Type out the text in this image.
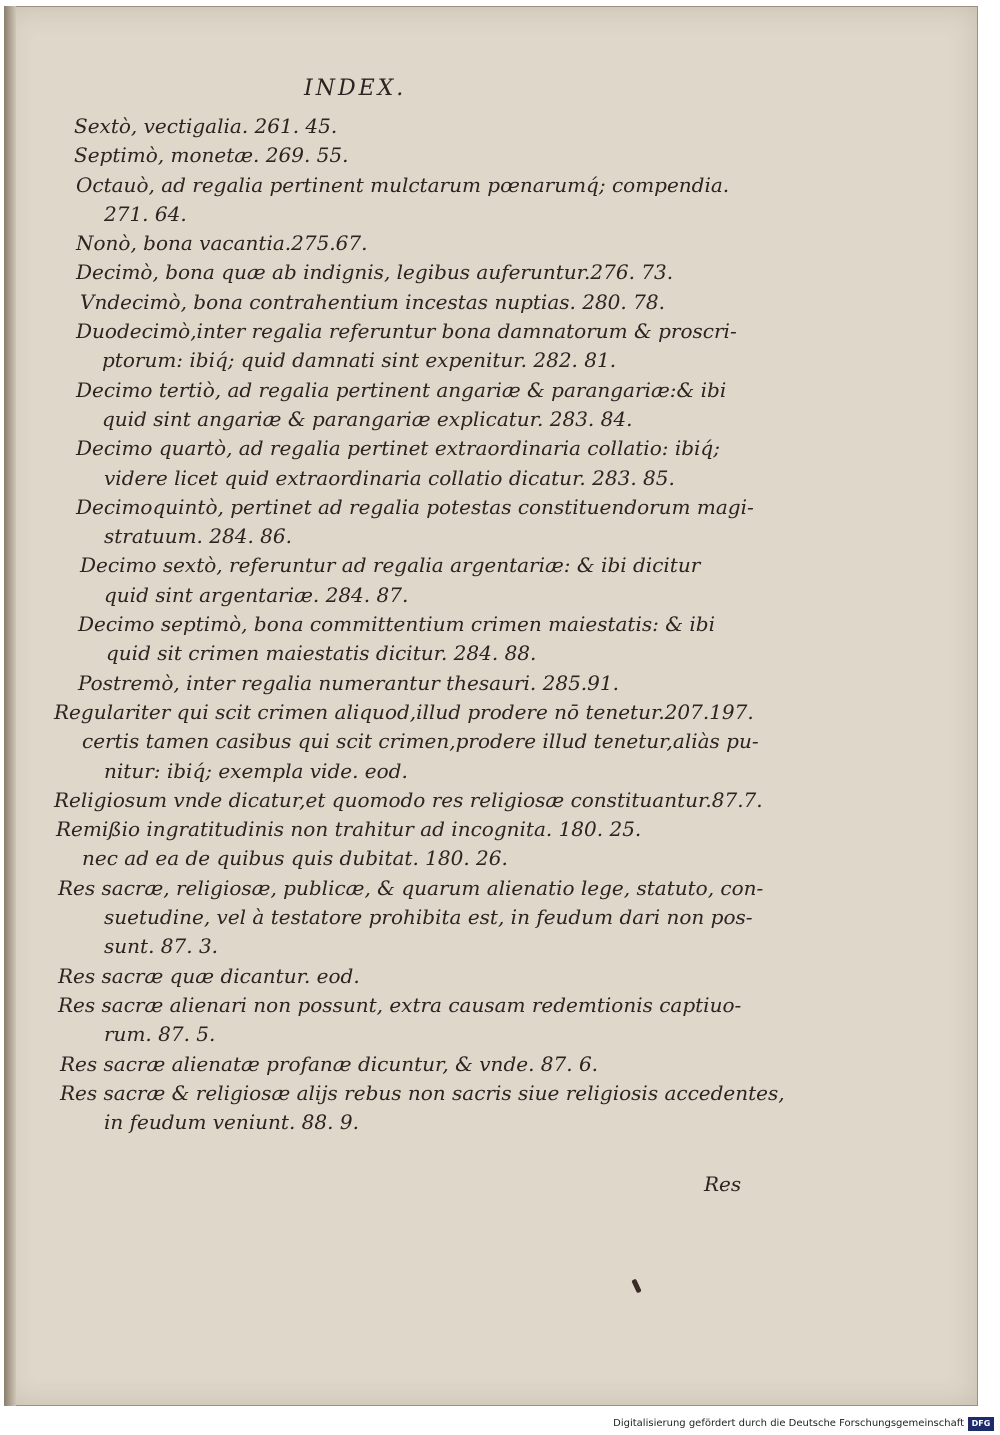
INDEX.
Sextò, vectigalia. 261. 45.
Septimò, monetæ. 269. 55.
Octauò, ad regalia pertinent mulctarum pœnarumq́; compendia.
271. 64.
Nonò, bona vacantia.275.67.
Decimò, bona quæ ab indignis, legibus auferuntur.276. 73.
Vndecimò, bona contrahentium incestas nuptias. 280. 78.
Duodecimò,inter regalia referuntur bona damnatorum & proscri-
ptorum: ibiq́; quid damnati sint expenitur. 282. 81.
Decimo tertiò, ad regalia pertinent angariæ & parangariæ:& ibi
quid sint angariæ & parangariæ explicatur. 283. 84.
Decimo quartò, ad regalia pertinet extraordinaria collatio: ibiq́;
videre licet quid extraordinaria collatio dicatur. 283. 85.
Decimoquintò, pertinet ad regalia potestas constituendorum magi-
stratuum. 284. 86.
Decimo sextò, referuntur ad regalia argentariæ: & ibi dicitur
quid sint argentariæ. 284. 87.
Decimo septimò, bona committentium crimen maiestatis: & ibi
quid sit crimen maiestatis dicitur. 284. 88.
Postremò, inter regalia numerantur thesauri. 285.91.
Regulariter qui scit crimen aliquod,illud prodere nō tenetur.207.197.
certis tamen casibus qui scit crimen,prodere illud tenetur,aliàs pu-
nitur: ibiq́; exempla vide. eod.
Religiosum vnde dicatur,et quomodo res religiosæ constituantur.87.7.
Remißio ingratitudinis non trahitur ad incognita. 180. 25.
nec ad ea de quibus quis dubitat. 180. 26.
Res sacræ, religiosæ, publicæ, & quarum alienatio lege, statuto, con-
suetudine, vel à testatore prohibita est, in feudum dari non pos-
sunt. 87. 3.
Res sacræ quæ dicantur. eod.
Res sacræ alienari non possunt, extra causam redemtionis captiuo-
rum. 87. 5.
Res sacræ alienatæ profanæ dicuntur, & vnde. 87. 6.
Res sacræ & religiosæ alijs rebus non sacris siue religiosis accedentes,
in feudum veniunt. 88. 9.
Res
Digitalisierung gefördert durch die Deutsche Forschungsgemeinschaft DFG
